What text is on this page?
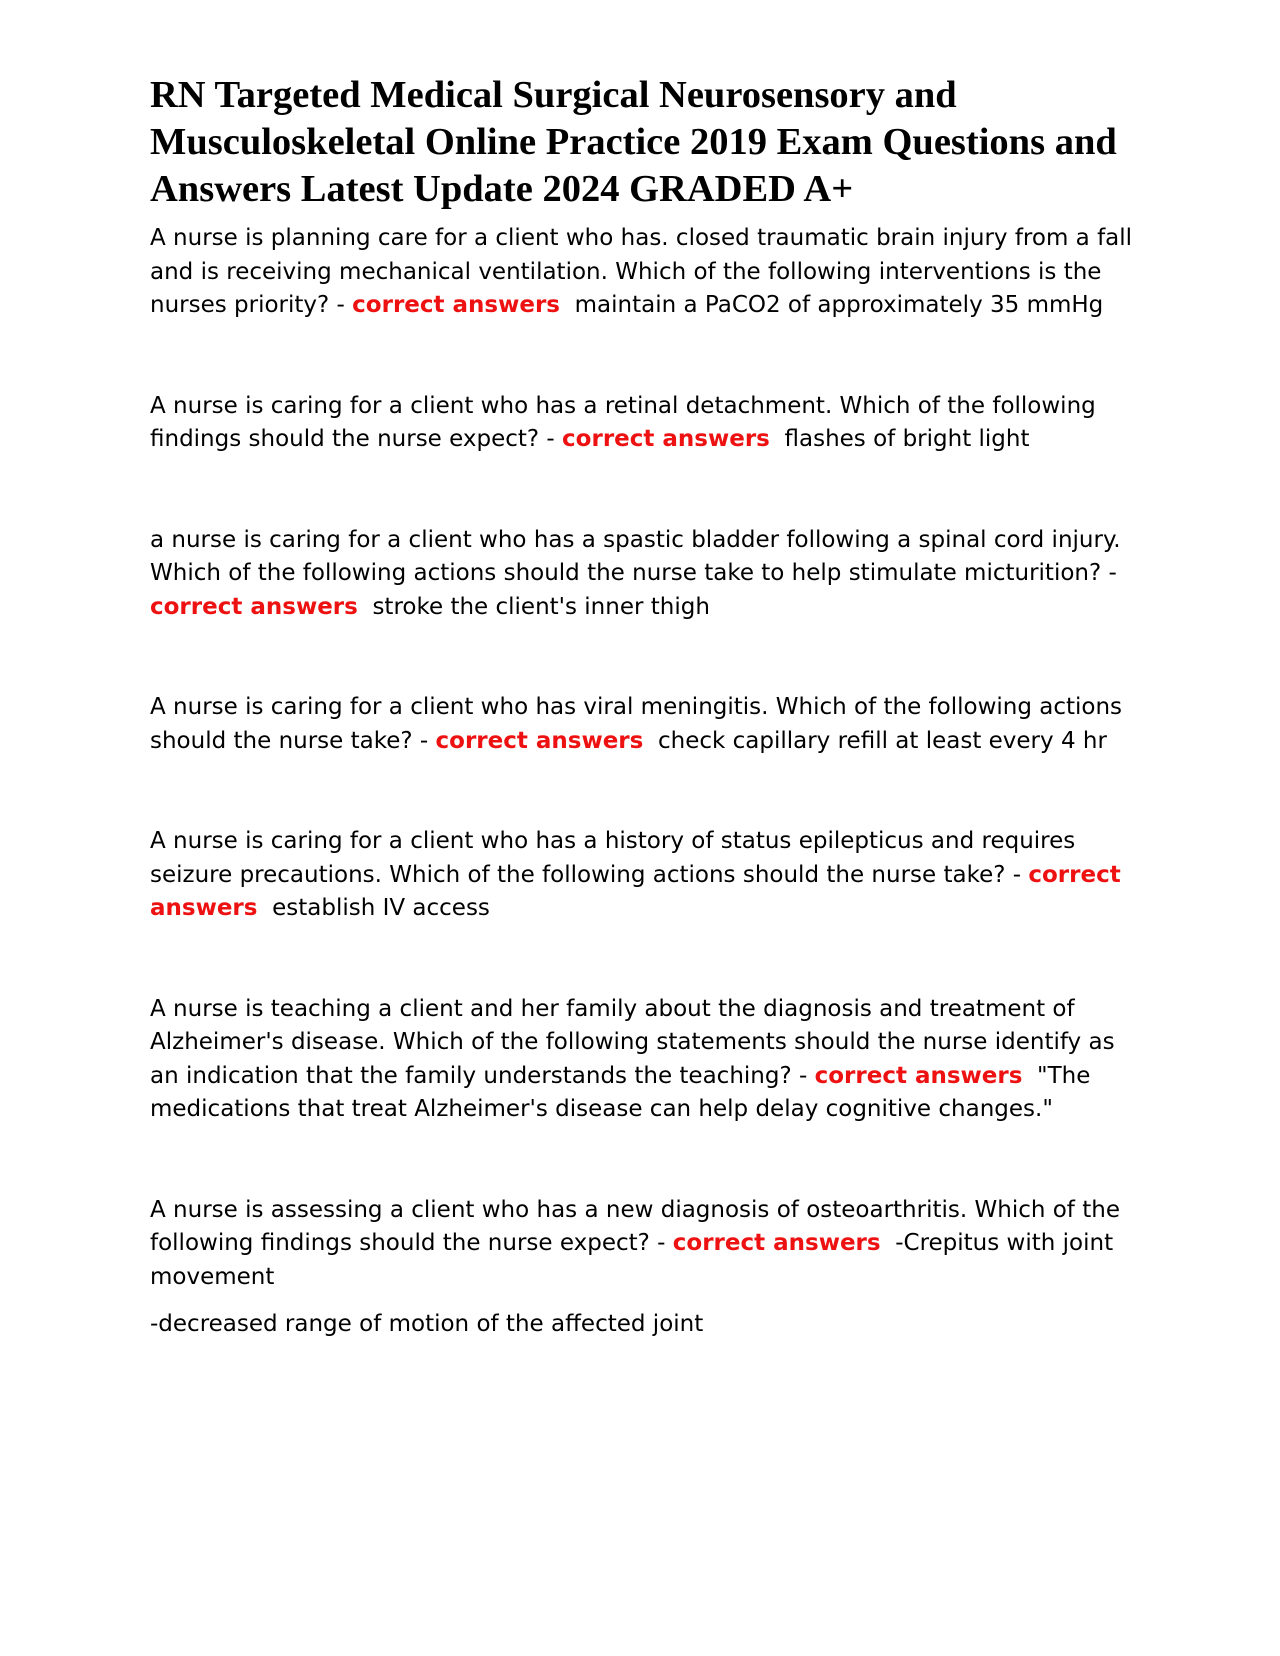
RN Targeted Medical Surgical Neurosensory and Musculoskeletal Online Practice 2019 Exam Questions and Answers Latest Update 2024 GRADED A+

A nurse is planning care for a client who has. closed traumatic brain injury from a fall and is receiving mechanical ventilation. Which of the following interventions is the nurses priority? - correct answers maintain a PaCO2 of approximately 35 mmHg

A nurse is caring for a client who has a retinal detachment. Which of the following findings should the nurse expect? - correct answers flashes of bright light

a nurse is caring for a client who has a spastic bladder following a spinal cord injury. Which of the following actions should the nurse take to help stimulate micturition? - correct answers stroke the client's inner thigh

A nurse is caring for a client who has viral meningitis. Which of the following actions should the nurse take? - correct answers check capillary refill at least every 4 hr

A nurse is caring for a client who has a history of status epilepticus and requires seizure precautions. Which of the following actions should the nurse take? - correct answers establish IV access

A nurse is teaching a client and her family about the diagnosis and treatment of Alzheimer's disease. Which of the following statements should the nurse identify as an indication that the family understands the teaching? - correct answers "The medications that treat Alzheimer's disease can help delay cognitive changes."

A nurse is assessing a client who has a new diagnosis of osteoarthritis. Which of the following findings should the nurse expect? - correct answers -Crepitus with joint movement

-decreased range of motion of the affected joint
